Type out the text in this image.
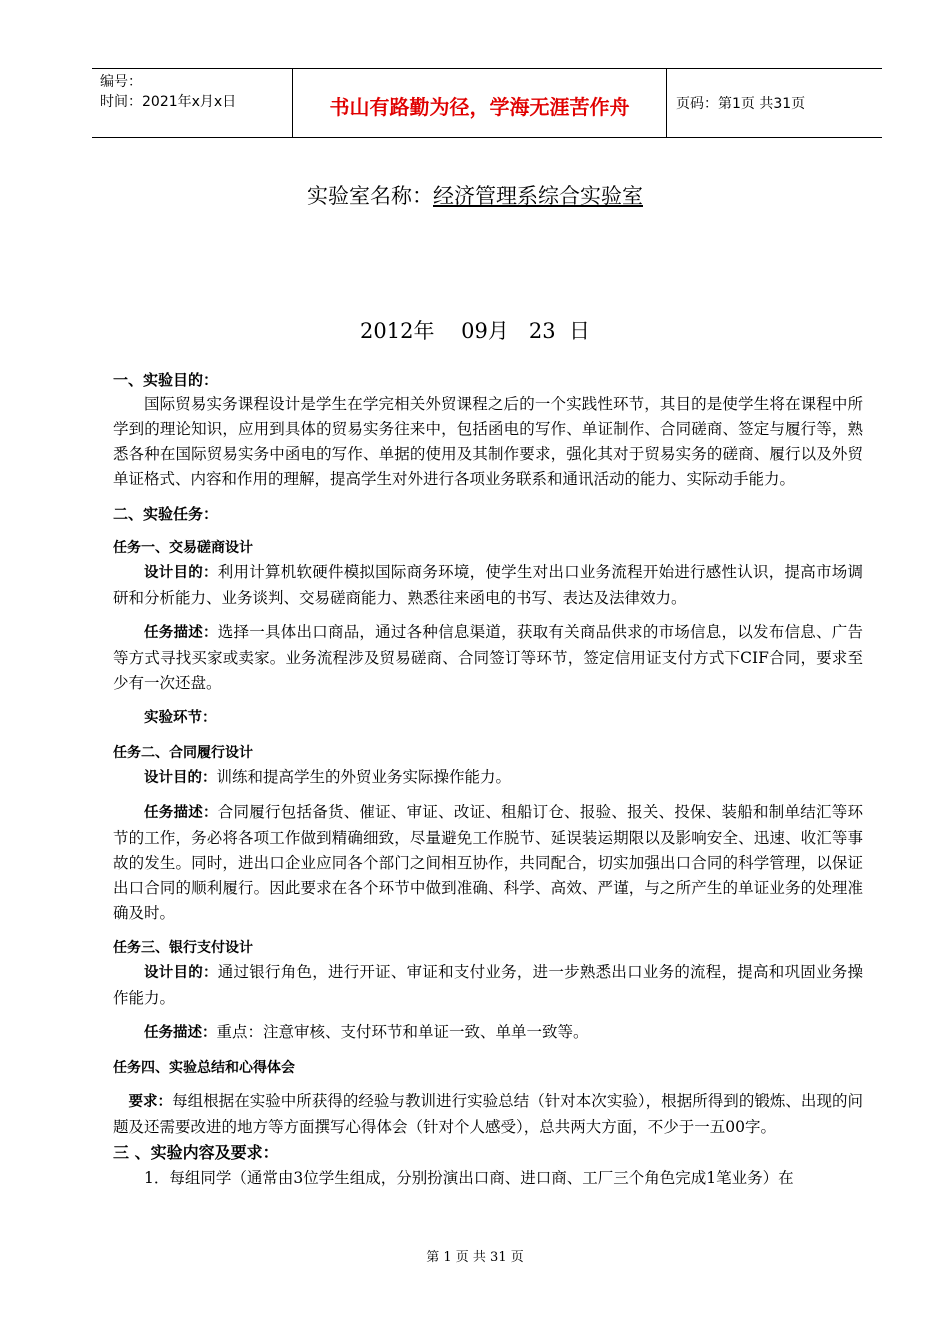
编号：
时间：2021年x月x日	书山有路勤为径，学海无涯苦作舟	页码：第1页 共31页
实验室名称：经济管理系综合实验室
2012年    09月   23  日
一、实验目的：
国际贸易实务课程设计是学生在学完相关外贸课程之后的一个实践性环节，其目的是使学生将在课程中所学到的理论知识，应用到具体的贸易实务往来中，包括函电的写作、单证制作、合同磋商、签定与履行等，熟悉各种在国际贸易实务中函电的写作、单据的使用及其制作要求，强化其对于贸易实务的磋商、履行以及外贸单证格式、内容和作用的理解，提高学生对外进行各项业务联系和通讯活动的能力、实际动手能力。
二、实验任务：
任务一、交易磋商设计
设计目的：利用计算机软硬件模拟国际商务环境，使学生对出口业务流程开始进行感性认识，提高市场调研和分析能力、业务谈判、交易磋商能力、熟悉往来函电的书写、表达及法律效力。
任务描述：选择一具体出口商品，通过各种信息渠道，获取有关商品供求的市场信息，以发布信息、广告等方式寻找买家或卖家。业务流程涉及贸易磋商、合同签订等环节，签定信用证支付方式下CIF合同，要求至少有一次还盘。
实验环节：
任务二、合同履行设计
设计目的：训练和提高学生的外贸业务实际操作能力。
任务描述：合同履行包括备货、催证、审证、改证、租船订仓、报验、报关、投保、装船和制单结汇等环节的工作，务必将各项工作做到精确细致，尽量避免工作脱节、延误装运期限以及影响安全、迅速、收汇等事故的发生。同时，进出口企业应同各个部门之间相互协作，共同配合，切实加强出口合同的科学管理，以保证出口合同的顺利履行。因此要求在各个环节中做到准确、科学、高效、严谨，与之所产生的单证业务的处理准确及时。
任务三、银行支付设计
设计目的：通过银行角色，进行开证、审证和支付业务，进一步熟悉出口业务的流程，提高和巩固业务操作能力。
任务描述：重点：注意审核、支付环节和单证一致、单单一致等。
任务四、实验总结和心得体会
要求：每组根据在实验中所获得的经验与教训进行实验总结（针对本次实验），根据所得到的锻炼、出现的问题及还需要改进的地方等方面撰写心得体会（针对个人感受），总共两大方面，不少于一五00字。
三 、实验内容及要求：
1．每组同学（通常由3位学生组成，分别扮演出口商、进口商、工厂三个角色完成1笔业务）在
第 1 页 共 31 页
